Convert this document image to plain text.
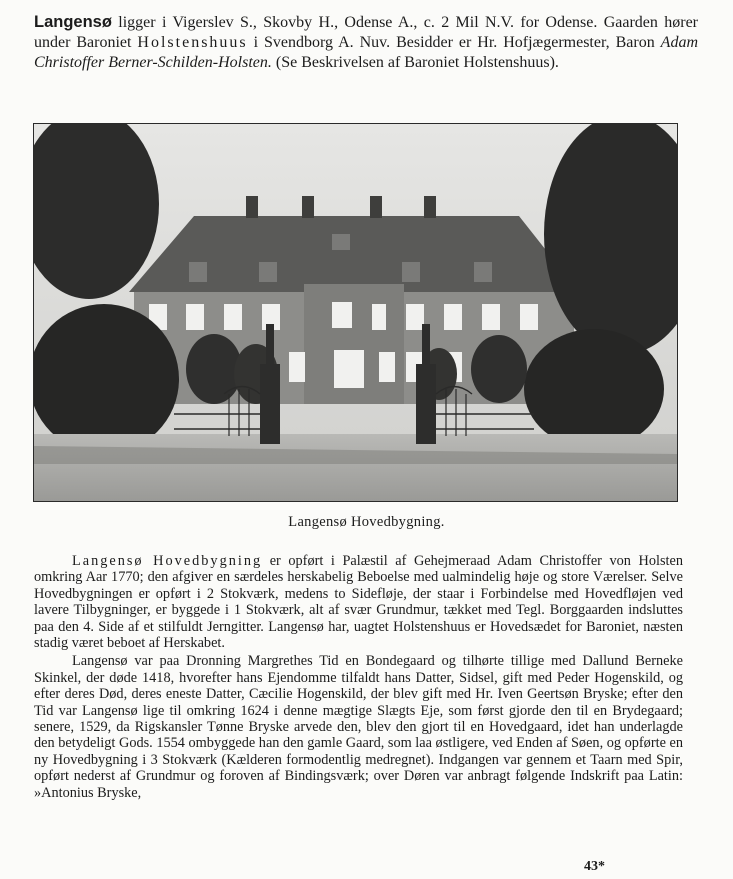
Langensø ligger i Vigerslev S., Skovby H., Odense A., c. 2 Mil N.V. for Odense. Gaarden hører under Baroniet Holstenshuus i Svendborg A. Nuv. Besidder er Hr. Hofjægermester, Baron Adam Christoffer Berner-Schilden-Holsten. (Se Beskrivelsen af Baroniet Holstenshuus).
Langensø Hovedbygning.

Langensø Hovedbygning er opført i Palæstil af Gehejmeraad Adam Christoffer von Holsten omkring Aar 1770; den afgiver en særdeles herskabelig Beboelse med ualmindelig høje og store Værelser. Selve Hovedbygningen er opført i 2 Stokværk, medens to Sidefløje, der staar i Forbindelse med Hovedfløjen ved lavere Tilbygninger, er byggede i 1 Stokværk, alt af svær Grundmur, tækket med Tegl. Borggaarden indsluttes paa den 4. Side af et stilfuldt Jerngitter. Langensø har, uagtet Holstenshuus er Hovedsædet for Baroniet, næsten stadig været beboet af Herskabet.

Langensø var paa Dronning Margrethes Tid en Bondegaard og tilhørte tillige med Dallund Berneke Skinkel, der døde 1418, hvorefter hans Ejendomme tilfaldt hans Datter, Sidsel, gift med Peder Hogenskild, og efter deres Død, deres eneste Datter, Cæcilie Hogenskild, der blev gift med Hr. Iven Geertsøn Bryske; efter den Tid var Langensø lige til omkring 1624 i denne mægtige Slægts Eje, som først gjorde den til en Brydegaard; senere, 1529, da Rigskansler Tønne Bryske arvede den, blev den gjort til en Hovedgaard, idet han underlagde den betydeligt Gods. 1554 ombyggede han den gamle Gaard, som laa østligere, ved Enden af Søen, og opførte en ny Hovedbygning i 3 Stokværk (Kælderen formodentlig medregnet). Indgangen var gennem et Taarn med Spir, opført nederst af Grundmur og foroven af Bindingsværk; over Døren var anbragt følgende Indskrift paa Latin: »Antonius Bryske,

43*
